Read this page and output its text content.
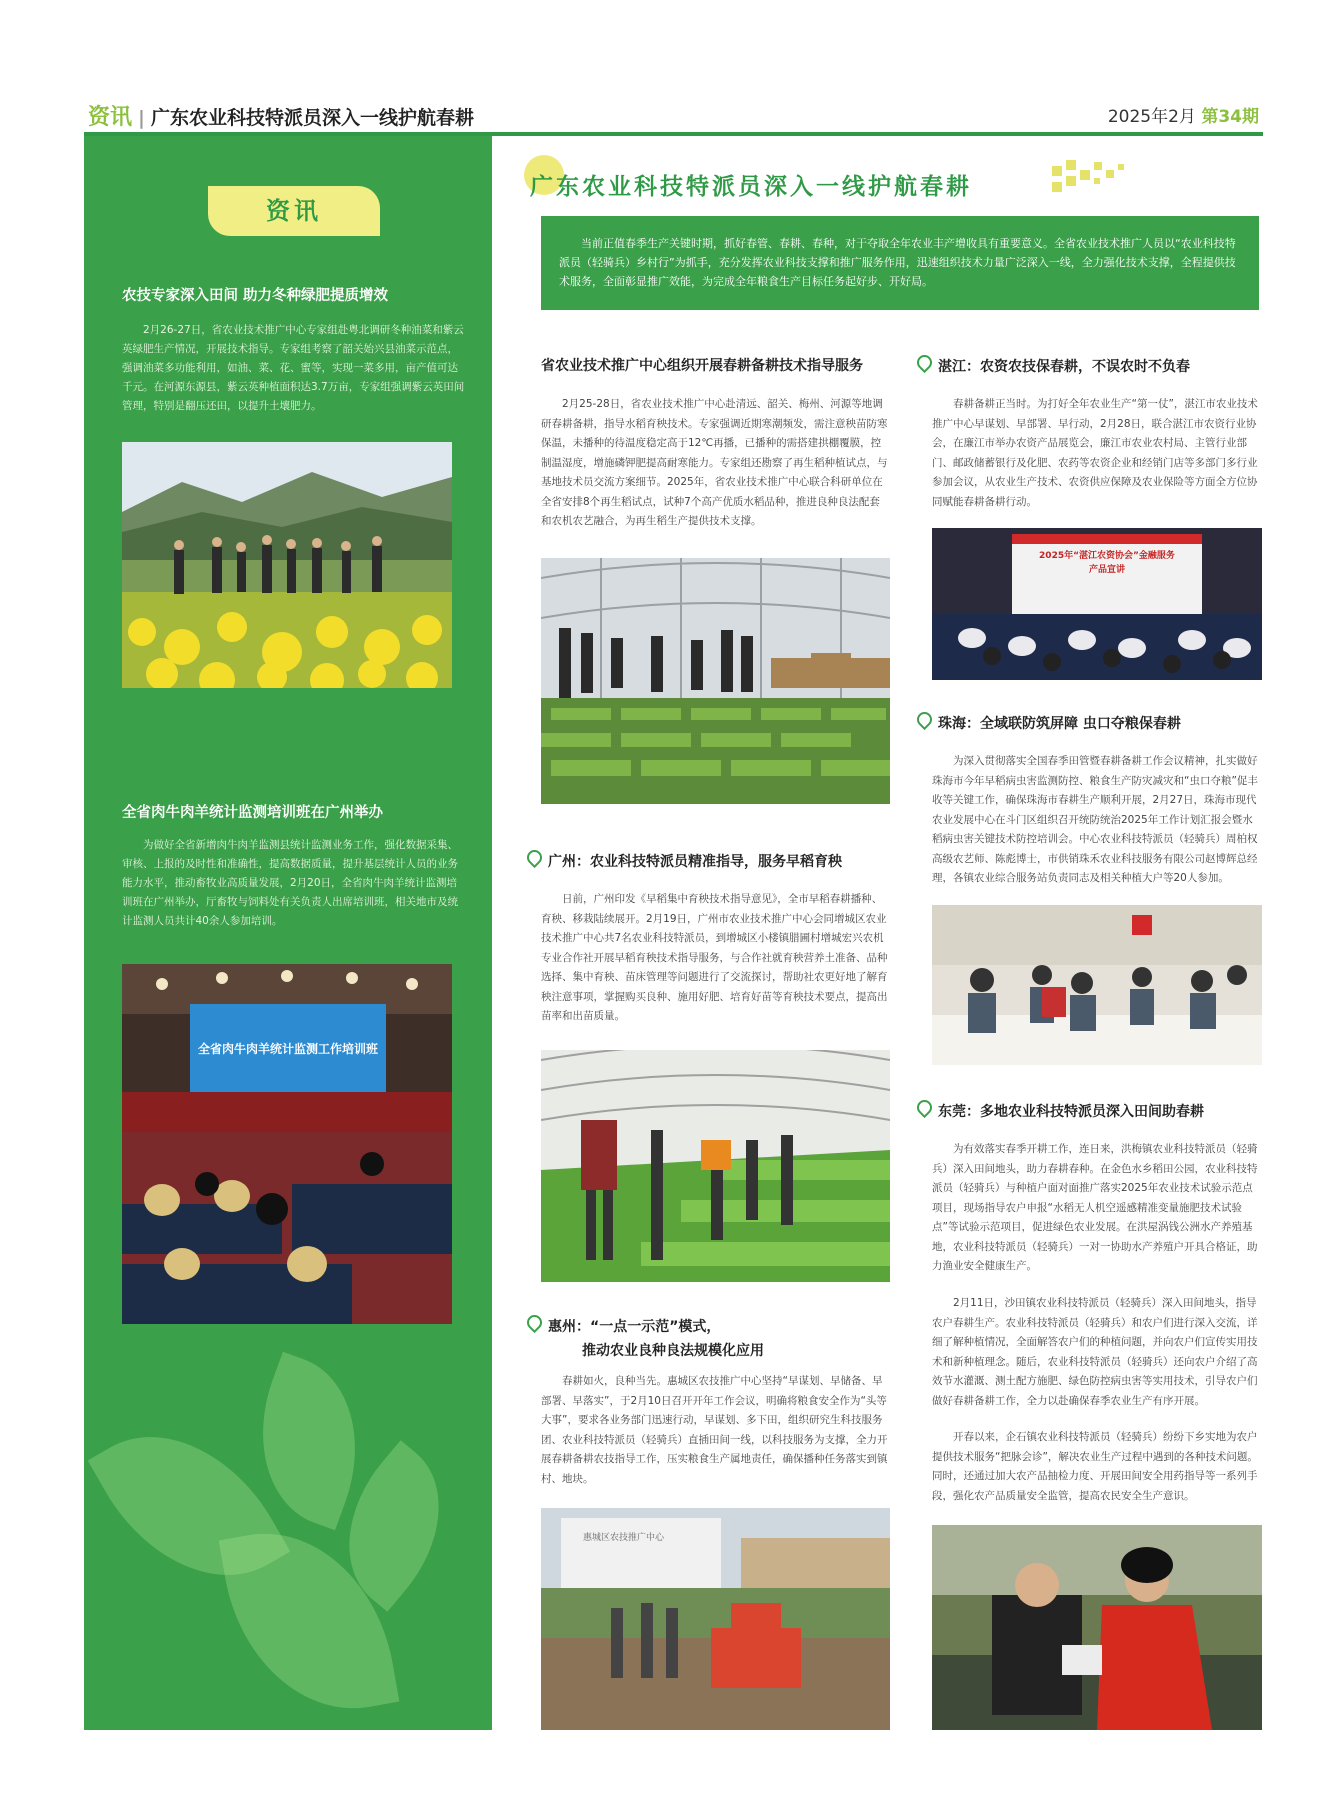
资讯 | 广东农业科技特派员深入一线护航春耕	2025年2月 第34期
资讯
农技专家深入田间 助力冬种绿肥提质增效

2月26-27日，省农业技术推广中心专家组赴粤北调研冬种油菜和紫云英绿肥生产情况，开展技术指导。专家组考察了韶关始兴县油菜示范点，强调油菜多功能利用，如油、菜、花、蜜等，实现一菜多用，亩产值可达千元。在河源东源县，紫云英种植面积达3.7万亩，专家组强调紫云英田间管理，特别是翻压还田，以提升土壤肥力。

全省肉牛肉羊统计监测培训班在广州举办

为做好全省新增肉牛肉羊监测县统计监测业务工作，强化数据采集、审核、上报的及时性和准确性，提高数据质量，提升基层统计人员的业务能力水平，推动畜牧业高质量发展，2月20日，全省肉牛肉羊统计监测培训班在广州举办，厅畜牧与饲料处有关负责人出席培训班，相关地市及统计监测人员共计40余人参加培训。

全省肉牛肉羊统计监测工作培训班
广东农业科技特派员深入一线护航春耕
当前正值春季生产关键时期，抓好春管、春耕、春种，对于夺取全年农业丰产增收具有重要意义。全省农业技术推广人员以“农业科技特派员（轻骑兵）乡村行”为抓手，充分发挥农业科技支撑和推广服务作用，迅速组织技术力量广泛深入一线，全力强化技术支撑，全程提供技术服务，全面彰显推广效能，为完成全年粮食生产目标任务起好步、开好局。
省农业技术推广中心组织开展春耕备耕技术指导服务

2月25-28日，省农业技术推广中心赴清远、韶关、梅州、河源等地调研春耕备耕，指导水稻育秧技术。专家强调近期寒潮频发，需注意秧苗防寒保温，未播种的待温度稳定高于12℃再播，已播种的需搭建拱棚覆膜，控制温湿度，增施磷钾肥提高耐寒能力。专家组还勘察了再生稻种植试点，与基地技术员交流方案细节。2025年，省农业技术推广中心联合科研单位在全省安排8个再生稻试点，试种7个高产优质水稻品种，推进良种良法配套和农机农艺融合，为再生稻生产提供技术支撑。

广州：农业科技特派员精准指导，服务早稻育秧

日前，广州印发《早稻集中育秧技术指导意见》，全市早稻春耕播种、育秧、移栽陆续展开。2月19日，广州市农业技术推广中心会同增城区农业技术推广中心共7名农业科技特派员，到增城区小楼镇腊圃村增城宏兴农机专业合作社开展早稻育秧技术指导服务，与合作社就育秧营养土准备、品种选择、集中育秧、苗床管理等问题进行了交流探讨，帮助社农更好地了解育秧注意事项，掌握购买良种、施用好肥、培育好苗等育秧技术要点，提高出苗率和出苗质量。

惠州：“一点一示范”模式，
推动农业良种良法规模化应用

春耕如火，良种当先。惠城区农技推广中心坚持“早谋划、早储备、早部署、早落实”，于2月10日召开开年工作会议，明确将粮食安全作为“头等大事”，要求各业务部门迅速行动，早谋划、多下田，组织研究生科技服务团、农业科技特派员（轻骑兵）直插田间一线，以科技服务为支撑，全力开展春耕备耕农技指导工作，压实粮食生产属地责任，确保播种任务落实到镇村、地块。

惠城区农技推广中心
湛江：农资农技保春耕，不误农时不负春

春耕备耕正当时。为打好全年农业生产“第一仗”，湛江市农业技术推广中心早谋划、早部署、早行动，2月28日，联合湛江市农资行业协会，在廉江市举办农资产品展览会，廉江市农业农村局、主管行业部门、邮政储蓄银行及化肥、农药等农资企业和经销门店等多部门多行业参加会议，从农业生产技术、农资供应保障及农业保险等方面全方位协同赋能春耕备耕行动。

2025年“湛江农资协会”金融服务
产品宣讲
珠海：全域联防筑屏障 虫口夺粮保春耕

为深入贯彻落实全国春季田管暨春耕备耕工作会议精神，扎实做好珠海市今年早稻病虫害监测防控、粮食生产防灾减灾和“虫口夺粮”促丰收等关键工作，确保珠海市春耕生产顺利开展，2月27日，珠海市现代农业发展中心在斗门区组织召开统防统治2025年工作计划汇报会暨水稻病虫害关键技术防控培训会。中心农业科技特派员（轻骑兵）周柏权高级农艺师、陈彪博士，市供销珠禾农业科技服务有限公司赵博辉总经理，各镇农业综合服务站负责同志及相关种植大户等20人参加。

东莞：多地农业科技特派员深入田间助春耕

为有效落实春季开耕工作，连日来，洪梅镇农业科技特派员（轻骑兵）深入田间地头，助力春耕春种。在金色水乡稻田公园，农业科技特派员（轻骑兵）与种植户面对面推广落实2025年农业技术试验示范点项目，现场指导农户申报“水稻无人机空遥感精准变量施肥技术试验点”等试验示范项目，促进绿色农业发展。在洪屋涡钱公洲水产养殖基地，农业科技特派员（轻骑兵）一对一协助水产养殖户开具合格证，助力渔业安全健康生产。

2月11日，沙田镇农业科技特派员（轻骑兵）深入田间地头，指导农户春耕生产。农业科技特派员（轻骑兵）和农户们进行深入交流，详细了解种植情况，全面解答农户们的种植问题，并向农户们宣传实用技术和新种植理念。随后，农业科技特派员（轻骑兵）还向农户介绍了高效节水灌溉、测土配方施肥、绿色防控病虫害等实用技术，引导农户们做好春耕备耕工作，全力以赴确保春季农业生产有序开展。

开春以来，企石镇农业科技特派员（轻骑兵）纷纷下乡实地为农户提供技术服务“把脉会诊”，解决农业生产过程中遇到的各种技术问题。同时，还通过加大农产品抽检力度、开展田间安全用药指导等一系列手段，强化农产品质量安全监管，提高农民安全生产意识。
